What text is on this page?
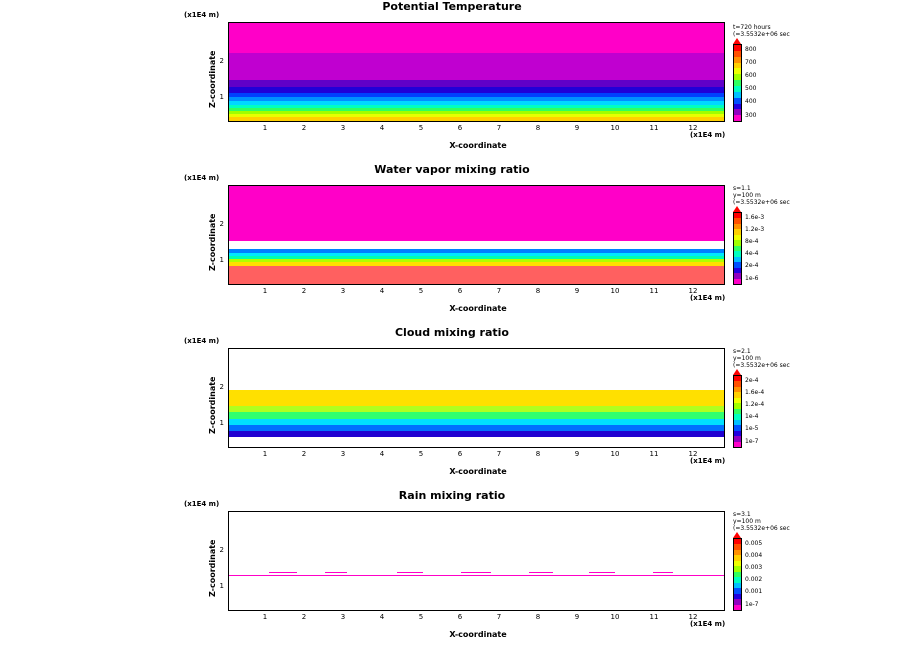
Potential Temperature
(x1E4 m)
Z-coordinate 1
2
1	2	3	4	5	6	7	8	9	10	11	12
X-coordinate
(x1E4 m)
t=720 hours
(=3.5532e+06 sec
800
700
600
500
400
300
Water vapor mixing ratio
(x1E4 m)
Z-coordinate 1
2
1	2	3	4	5	6	7	8	9	10	11	12
X-coordinate
(x1E4 m)
s=1.1
y=100 m
(=3.5532e+06 sec
1.6e-3
1.2e-3
8e-4
4e-4
2e-4
1e-6
Cloud mixing ratio
(x1E4 m)
Z-coordinate 1
2
1	2	3	4	5	6	7	8	9	10	11	12
X-coordinate
(x1E4 m)
s=2.1
y=100 m
(=3.5532e+06 sec
2e-4
1.6e-4
1.2e-4
1e-4
1e-5
1e-7
Rain mixing ratio
(x1E4 m)
Z-coordinate 1
2
1	2	3	4	5	6	7	8	9	10	11	12
X-coordinate
(x1E4 m)
s=3.1
y=100 m
(=3.5532e+06 sec
0.005
0.004
0.003
0.002
0.001
1e-7
